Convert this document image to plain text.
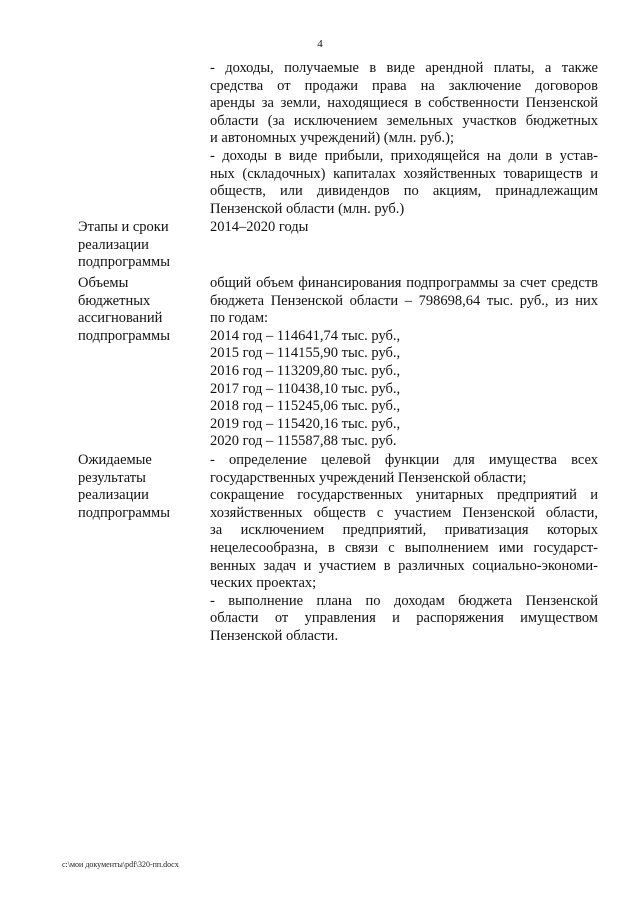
4
- доходы, получаемые в виде арендной платы, а также
средства от продажи права на заключение договоров
аренды за земли, находящиеся в собственности Пензенской
области (за исключением земельных участков бюджетных
и автономных учреждений) (млн. руб.);
- доходы в виде прибыли, приходящейся на доли в устав-
ных (складочных) капиталах хозяйственных товариществ и
обществ, или дивидендов по акциям, принадлежащим
Пензенской области (млн. руб.)
Этапы и сроки
реализации
подпрограммы
2014–2020 годы
Объемы
бюджетных
ассигнований
подпрограммы
общий объем финансирования подпрограммы за счет средств
бюджета Пензенской области – 798698,64 тыс. руб., из них
по годам:
2014 год – 114641,74 тыс. руб.,
2015 год – 114155,90 тыс. руб.,
2016 год – 113209,80 тыс. руб.,
2017 год – 110438,10 тыс. руб.,
2018 год – 115245,06 тыс. руб.,
2019 год – 115420,16 тыс. руб.,
2020 год – 115587,88 тыс. руб.
Ожидаемые
результаты
реализации
подпрограммы
- определение целевой функции для имущества всех
государственных учреждений Пензенской области;
сокращение государственных унитарных предприятий и
хозяйственных обществ с участием Пензенской области,
за исключением предприятий, приватизация которых
нецелесообразна, в связи с выполнением ими государст-
венных задач и участием в различных социально-экономи-
ческих проектах;
- выполнение плана по доходам бюджета Пензенской
области от управления и распоряжения имуществом
Пензенской области.
c:\мои документы\pdf\320-пп.docx
